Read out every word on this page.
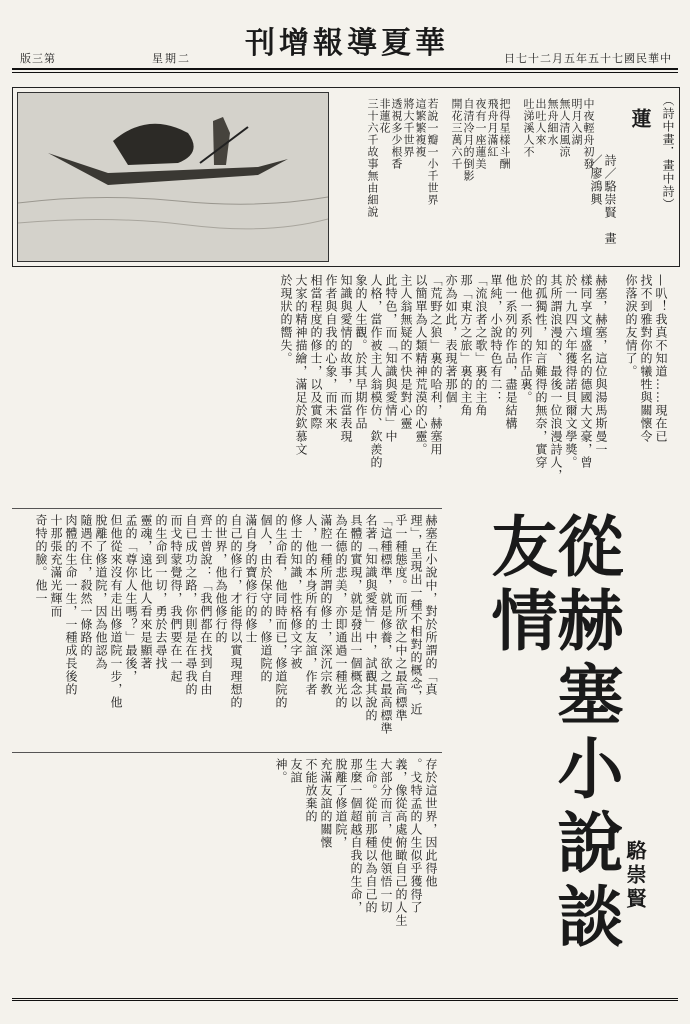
版三第	星期二 刊增報導夏華	日七十二月五年五十七國民華中
（詩中畫．畫中詩）
蓮
詩／駱崇賢　畫／廖鴻興
中夜輕舟初發
明月入湖
無人清風涼
無舟細水
出吐人來
吐涕溪人不
把得星樣斗酬
飛舟月滿紅
夜有一座蓮美
自清冷月的倒影
開花三萬六千
若說一瓣一小千世界
這繁繁複複
將大千世界
透視多少根香
非蓮花
三十六千故事無由細說
—叭！我真不知道……現在已
找不到雅對你的犧牲與關懷令
你落淚的友情了。
赫塞，赫塞，這位與湯馬斯曼一
樣同享文壇盛名的德國大文豪，曾
於一九四六年獲得諾貝爾文學獎。
其所謂浪漫的、最後一位浪漫詩人，
的孤獨性，知言難得的無奈，實穿
於他一系列的作品裏。
他一系列的作品，盡是結構
單純，小說特色有二：
「流浪者之歌」裏的主角
那「東方之旅」裏的主角
亦為如此，表現著那個
「荒野之狼」裏的哈利，赫塞用
以簡單為人類精神荒漠的心靈。
主人翁無疑的不快是對心靈
此特色，而「知識與愛情」中
人格，當作被主人翁模仿、欽羨的
象的人生觀。於其早期作品
知識與愛情的故事，而當表現
作者與自我的心象，而未來
相當程度的修士，以及實際
大家的精神描繪，滿足於欽慕文
於現狀的嚮失。
赫塞在小說中，對於所謂的「真
理」，呈現出一種不相對的概念，近
乎一種態度。而所欲之中之最高標準
「這種標準，就是修養，欲之最高標準
名著「知識與愛情」中，試觀其說的
具體的實現，就是發出一個概念以
為在德的悲美，亦即通過一種光的
滿腔一種所謂的修士，深沉宗教
人，他的本身所有的友誼，作者
修士的知識，性格修文字被
的生命看，他同時而已，修道院的
個人，由於保守的，修道院的
滿自身的寶修行的修士
自己的修行，才能得以實現理想的
的世界，他為他修行的
齊士曾說：「我們都在找到自由
自已成功之路，你則是在尋我的
而戈特蒙覺得，我們要在一起
的生命到一切，勇於去尋找
靈魂，遠比他人看來是顯著
孟的「尊你人生嗎？」最後，
但他從來沒有走出修道院一步，他
脫離了修道院，因為他認為
隨遇不住，殺然一條路的
肉體的生命一生，一種成長後的
十那張充滿光輝而
奇特的臉。他一
存於這世界，因此得他
。戈特孟的人生似乎獲得了
義，像從高處俯瞰自己的人生
大部分而言，使他領悟一切
生命。從前那種以為自己的
那麼一個超越自我的生命，
脫離了修道院，
充滿友誼的關懷
不能放棄的
友誼
神。	從赫塞小說談友情
駱崇賢
